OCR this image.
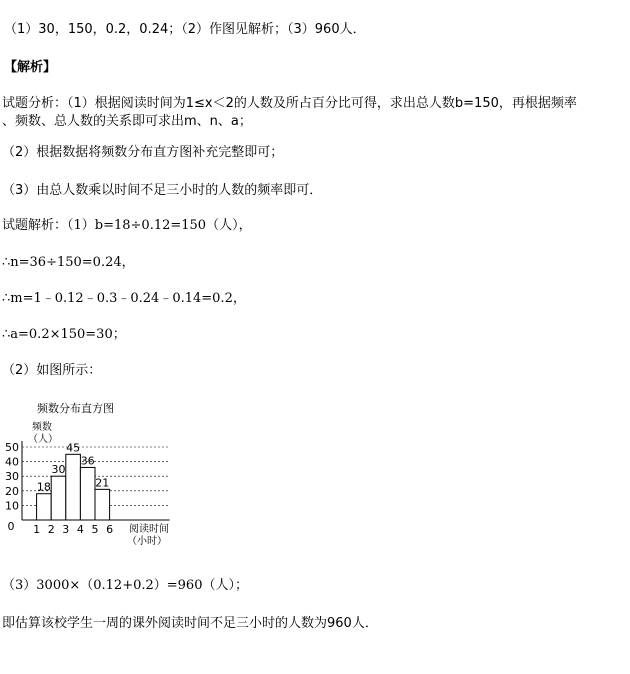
（1）30，150，0.2，0.24；（2）作图见解析；（3）960人．
【解析】
试题分析：（1）根据阅读时间为1≤x＜2的人数及所占百分比可得，求出总人数b=150，再根据频率
、频数、总人数的关系即可求出m、n、a；
（2）根据数据将频数分布直方图补充完整即可；
（3）由总人数乘以时间不足三小时的人数的频率即可．
试题解析：（1）b=18÷0.12=150（人），
∴n=36÷150=0.24，
∴m=1﹣0.12﹣0.3﹣0.24﹣0.14=0.2，
∴a=0.2×150=30；
（2）如图所示：
频数分布直方图
频数
（人）
阅读时间
（小时）
10
20
30
40
50
1 2 3 4 5 6
0
18
30
45
36
21
（3）3000×（0.12+0.2）=960（人）；
即估算该校学生一周的课外阅读时间不足三小时的人数为960人．
